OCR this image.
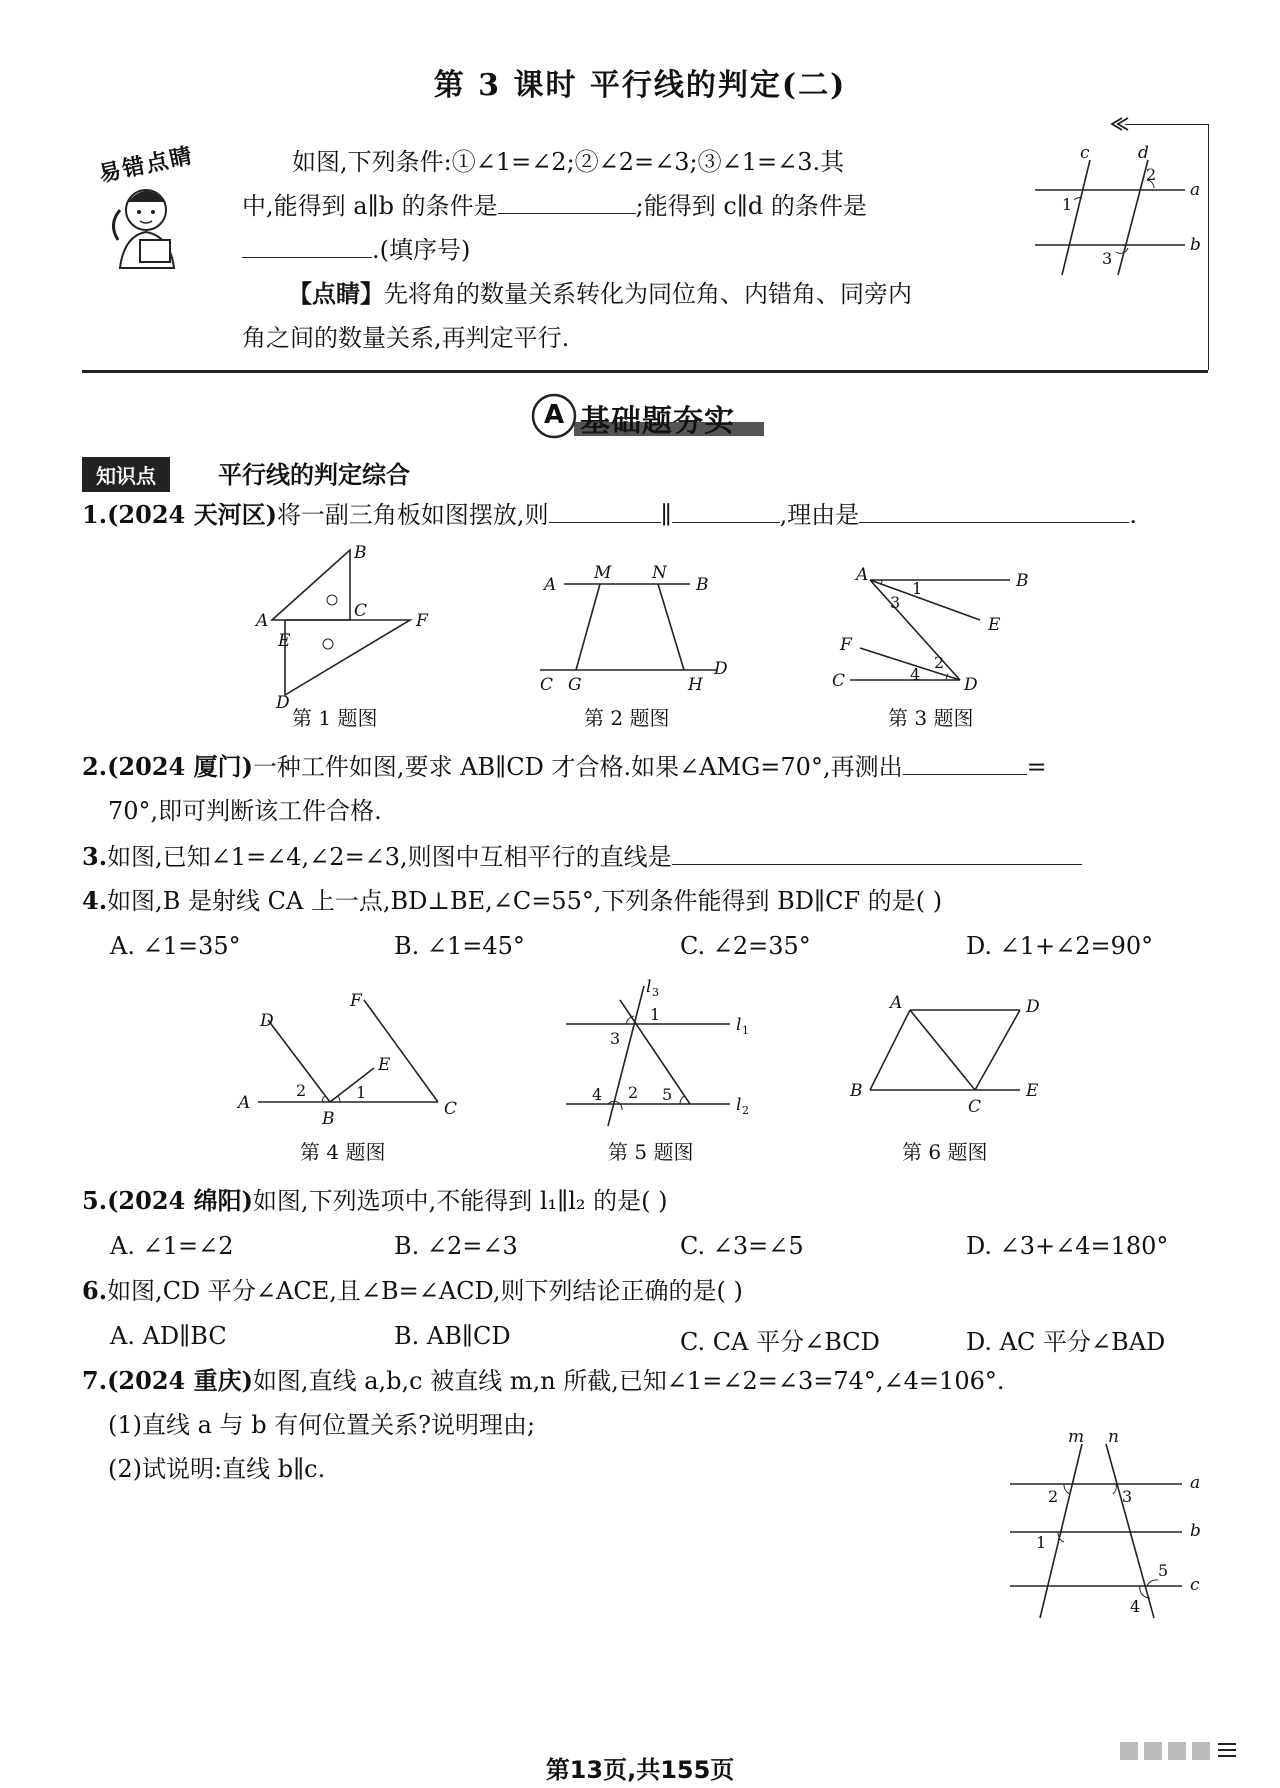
第 3 课时 平行线的判定(二)
易错点睛	如图,下列条件:①∠1=∠2;②∠2=∠3;③∠1=∠3.其
中,能得到 a∥b 的条件是	;能得到 c∥d 的条件是
.(填序号)
【点睛】先将角的数量关系转化为同位角、内错角、同旁内
角之间的数量关系,再判定平行.
c	d
a
b
1
2
3
A 基础题夯实
知识点	平行线的判定综合
1.(2024 天河区)将一副三角板如图摆放,则	∥	,理由是	.
B
A	C	F
E
D
A
M N
B
C G	H
D
A	B
E
F
C	D
1
3
2
4
第 1 题图	第 2 题图	第 3 题图
2.(2024 厦门)一种工件如图,要求 AB∥CD 才合格.如果∠AMG=70°,再测出	=
70°,即可判断该工件合格.
3.如图,已知∠1=∠4,∠2=∠3,则图中互相平行的直线是
4.如图,B 是射线 CA 上一点,BD⊥BE,∠C=55°,下列条件能得到 BD∥CF 的是( )
A. ∠1=35°	B. ∠1=45°	C. ∠2=35°	D. ∠1+∠2=90°
D
F
E
A
B	C
2	1
l 3
l 1
l 2
1
3
4 2 5
A	D
B
C
E
第 4 题图	第 5 题图	第 6 题图
5.(2024 绵阳)如图,下列选项中,不能得到 l₁∥l₂ 的是( )
A. ∠1=∠2	B. ∠2=∠3	C. ∠3=∠5	D. ∠3+∠4=180°
6.如图,CD 平分∠ACE,且∠B=∠ACD,则下列结论正确的是( )
A. AD∥BC	B. AB∥CD	C. CA 平分∠BCD	D. AC 平分∠BAD
7.(2024 重庆)如图,直线 a,b,c 被直线 m,n 所截,已知∠1=∠2=∠3=74°,∠4=106°.
(1)直线 a 与 b 有何位置关系?说明理由;
(2)试说明:直线 b∥c.
m n
a
b
c
2	3
1
5
4
第13页,共155页
